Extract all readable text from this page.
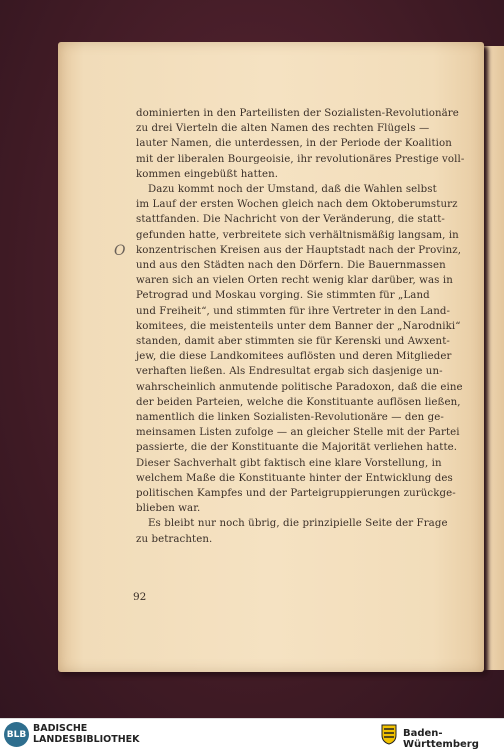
dominierten in den Parteilisten der Sozialisten-Revolutionäre
zu drei Vierteln die alten Namen des rechten Flügels —
lauter Namen, die unterdessen, in der Periode der Koalition
mit der liberalen Bourgeoisie, ihr revolutionäres Prestige voll-
kommen eingebüßt hatten.
Dazu kommt noch der Umstand, daß die Wahlen selbst
im Lauf der ersten Wochen gleich nach dem Oktoberumsturz
stattfanden. Die Nachricht von der Veränderung, die statt-
gefunden hatte, verbreitete sich verhältnismäßig langsam, in
konzentrischen Kreisen aus der Hauptstadt nach der Provinz,
und aus den Städten nach den Dörfern. Die Bauernmassen
waren sich an vielen Orten recht wenig klar darüber, was in
Petrograd und Moskau vorging. Sie stimmten für „Land
und Freiheit“, und stimmten für ihre Vertreter in den Land-
komitees, die meistenteils unter dem Banner der „Narodniki“
standen, damit aber stimmten sie für Kerenski und Awxent-
jew, die diese Landkomitees auflösten und deren Mitglieder
verhaften ließen. Als Endresultat ergab sich dasjenige un-
wahrscheinlich anmutende politische Paradoxon, daß die eine
der beiden Parteien, welche die Konstituante auflösen ließen,
namentlich die linken Sozialisten-Revolutionäre — den ge-
meinsamen Listen zufolge — an gleicher Stelle mit der Partei
passierte, die der Konstituante die Majorität verliehen hatte.
Dieser Sachverhalt gibt faktisch eine klare Vorstellung, in
welchem Maße die Konstituante hinter der Entwicklung des
politischen Kampfes und der Parteigruppierungen zurückge-
blieben war.
Es bleibt nur noch übrig, die prinzipielle Seite der Frage
zu betrachten.
O
92
BLB
BADISCHE
LANDESBIBLIOTHEK
Baden-Württemberg
